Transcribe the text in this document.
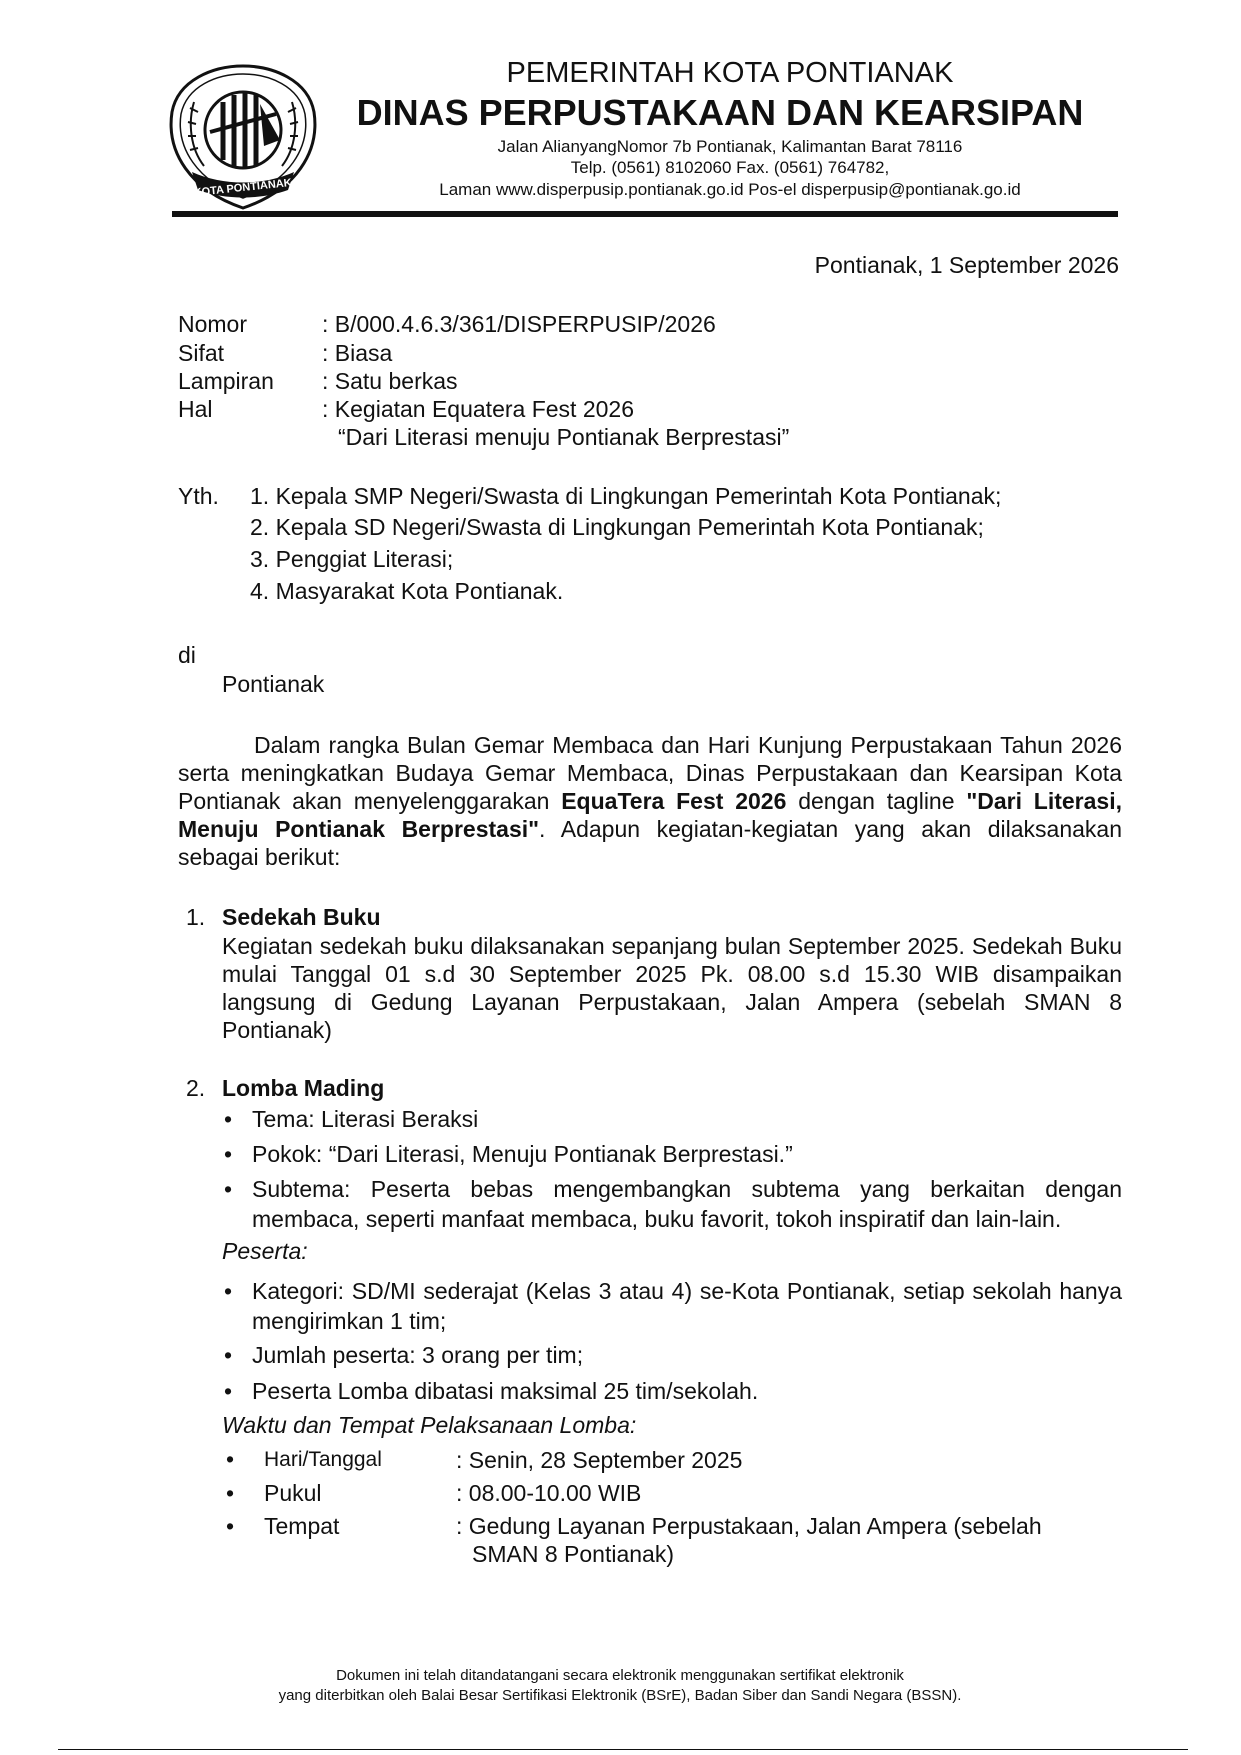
KOTA PONTIANAK
PEMERINTAH KOTA PONTIANAK
DINAS PERPUSTAKAAN DAN KEARSIPAN
Jalan AlianyangNomor 7b Pontianak, Kalimantan Barat 78116
Telp. (0561) 8102060 Fax. (0561) 764782,
Laman www.disperpusip.pontianak.go.id Pos-el disperpusip@pontianak.go.id
Pontianak, 1 September 2026
Nomor	: B/000.4.6.3/361/DISPERPUSIP/2026
Sifat	: Biasa
Lampiran : Satu berkas
Hal	: Kegiatan Equatera Fest 2026
“Dari Literasi menuju Pontianak Berprestasi”
Yth. 1. Kepala SMP Negeri/Swasta di Lingkungan Pemerintah Kota Pontianak;
2. Kepala SD Negeri/Swasta di Lingkungan Pemerintah Kota Pontianak;
3. Penggiat Literasi;
4. Masyarakat Kota Pontianak.
di
Pontianak
Dalam rangka Bulan Gemar Membaca dan Hari Kunjung Perpustakaan Tahun 2026 serta meningkatkan Budaya Gemar Membaca, Dinas Perpustakaan dan Kearsipan Kota Pontianak akan menyelenggarakan EquaTera Fest 2026 dengan tagline "Dari Literasi, Menuju Pontianak Berprestasi". Adapun kegiatan-kegiatan yang akan dilaksanakan sebagai berikut:
1. Sedekah Buku
Kegiatan sedekah buku dilaksanakan sepanjang bulan September 2025. Sedekah Buku mulai Tanggal 01 s.d 30 September 2025 Pk. 08.00 s.d 15.30 WIB disampaikan langsung di Gedung Layanan Perpustakaan, Jalan Ampera (sebelah SMAN 8 Pontianak)
2. Lomba Mading
• Tema: Literasi Beraksi
• Pokok: “Dari Literasi, Menuju Pontianak Berprestasi.”
• Subtema: Peserta bebas mengembangkan subtema yang berkaitan dengan membaca, seperti manfaat membaca, buku favorit, tokoh inspiratif dan lain-lain.
Peserta:
• Kategori: SD/MI sederajat (Kelas 3 atau 4) se-Kota Pontianak, setiap sekolah hanya mengirimkan 1 tim;
• Jumlah peserta: 3 orang per tim;
• Peserta Lomba dibatasi maksimal 25 tim/sekolah.
Waktu dan Tempat Pelaksanaan Lomba:
• Hari/Tanggal	: Senin, 28 September 2025
• Pukul	: 08.00-10.00 WIB
• Tempat	: Gedung Layanan Perpustakaan, Jalan Ampera (sebelah
SMAN 8 Pontianak)
Dokumen ini telah ditandatangani secara elektronik menggunakan sertifikat elektronik
yang diterbitkan oleh Balai Besar Sertifikasi Elektronik (BSrE), Badan Siber dan Sandi Negara (BSSN).
